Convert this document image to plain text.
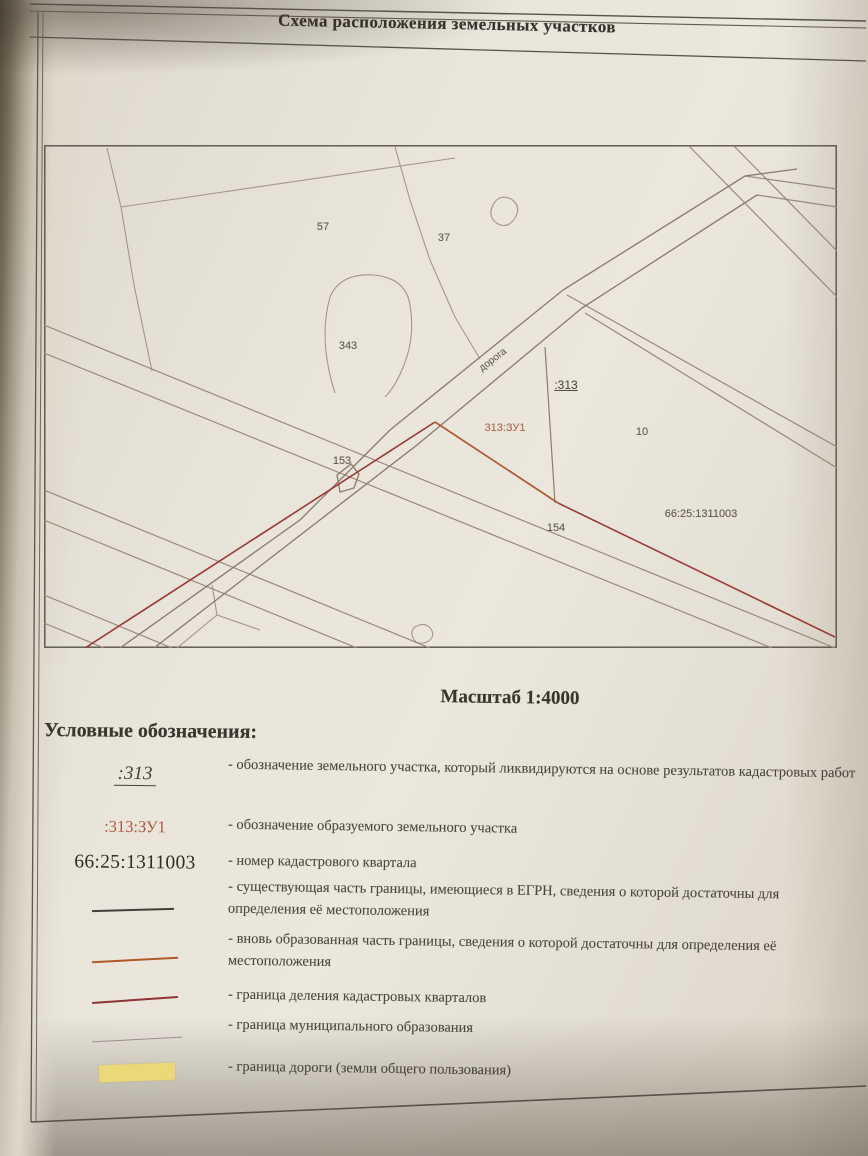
Схема расположения земельных участков
57
37
343
дорога
:313
313:ЗУ1	10
153
154
66:25:1311003
Масштаб 1:4000
Условные обозначения:
:313	- обозначение земельного участка, который ликвидируются на основе результатов кадастровых работ
:313:ЗУ1	- обозначение образуемого земельного участка
66:25:1311003	- номер кадастрового квартала
- существующая часть границы, имеющиеся в ЕГРН, сведения о которой достаточны для определения её местоположения
- вновь образованная часть границы, сведения о которой достаточны для определения её местоположения
- граница деления кадастровых кварталов
- граница муниципального образования
- граница дороги (земли общего пользования)
